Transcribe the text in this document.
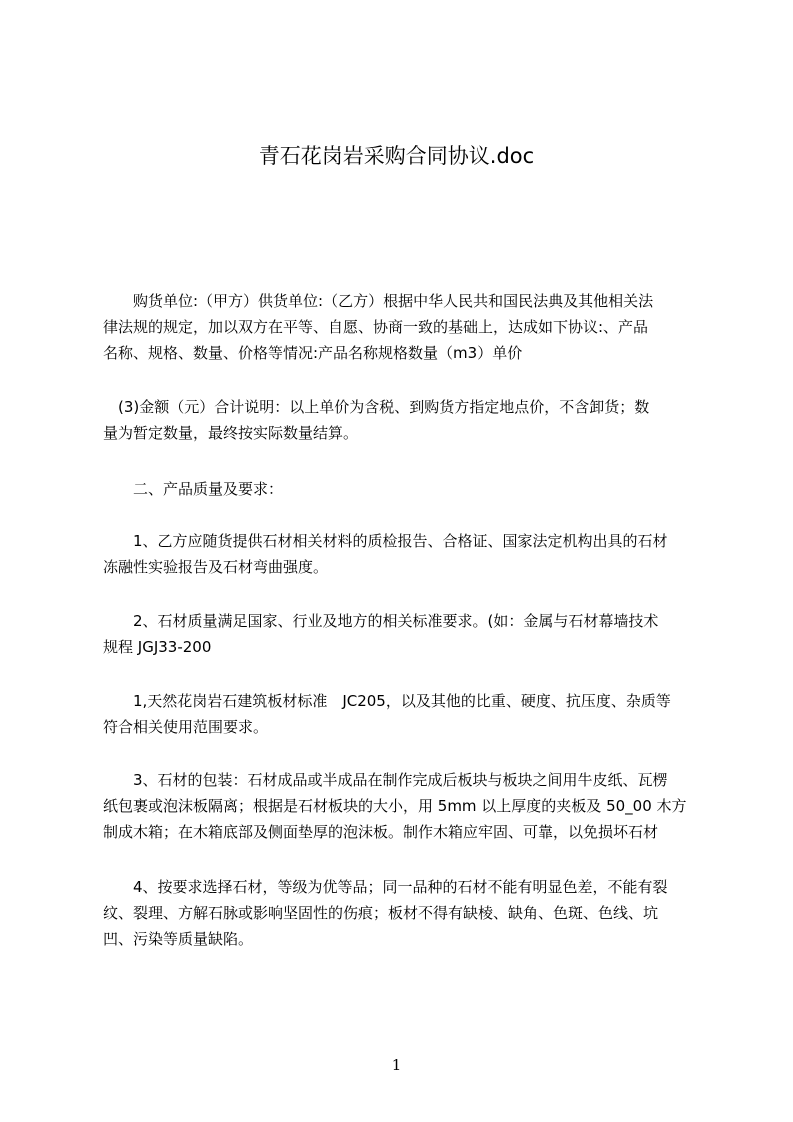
青石花岗岩采购合同协议.doc
　　购货单位:（甲方）供货单位:（乙方）根据中华人民共和国民法典及其他相关法
律法规的规定，加以双方在平等、自愿、协商一致的基础上，达成如下协议:、产品
名称、规格、数量、价格等情况:产品名称规格数量（m3）单价
　(3)金额（元）合计说明：以上单价为含税、到购货方指定地点价，不含卸货；数
量为暂定数量，最终按实际数量结算。
　　二、产品质量及要求：
　　1、乙方应随货提供石材相关材料的质检报告、合格证、国家法定机构出具的石材
冻融性实验报告及石材弯曲强度。
　　2、石材质量满足国家、行业及地方的相关标准要求。(如：金属与石材幕墙技术
规程 JGJ33-200
　　1,天然花岗岩石建筑板材标准　JC205，以及其他的比重、硬度、抗压度、杂质等
符合相关使用范围要求。
　　3、石材的包装：石材成品或半成品在制作完成后板块与板块之间用牛皮纸、瓦楞
纸包裹或泡沫板隔离；根据是石材板块的大小，用 5mm 以上厚度的夹板及 50_00 木方
制成木箱；在木箱底部及侧面垫厚的泡沫板。制作木箱应牢固、可靠，以免损坏石材
　　4、按要求选择石材，等级为优等品；同一品种的石材不能有明显色差，不能有裂
纹、裂理、方解石脉或影响坚固性的伤痕；板材不得有缺棱、缺角、色斑、色线、坑
凹、污染等质量缺陷。
1
